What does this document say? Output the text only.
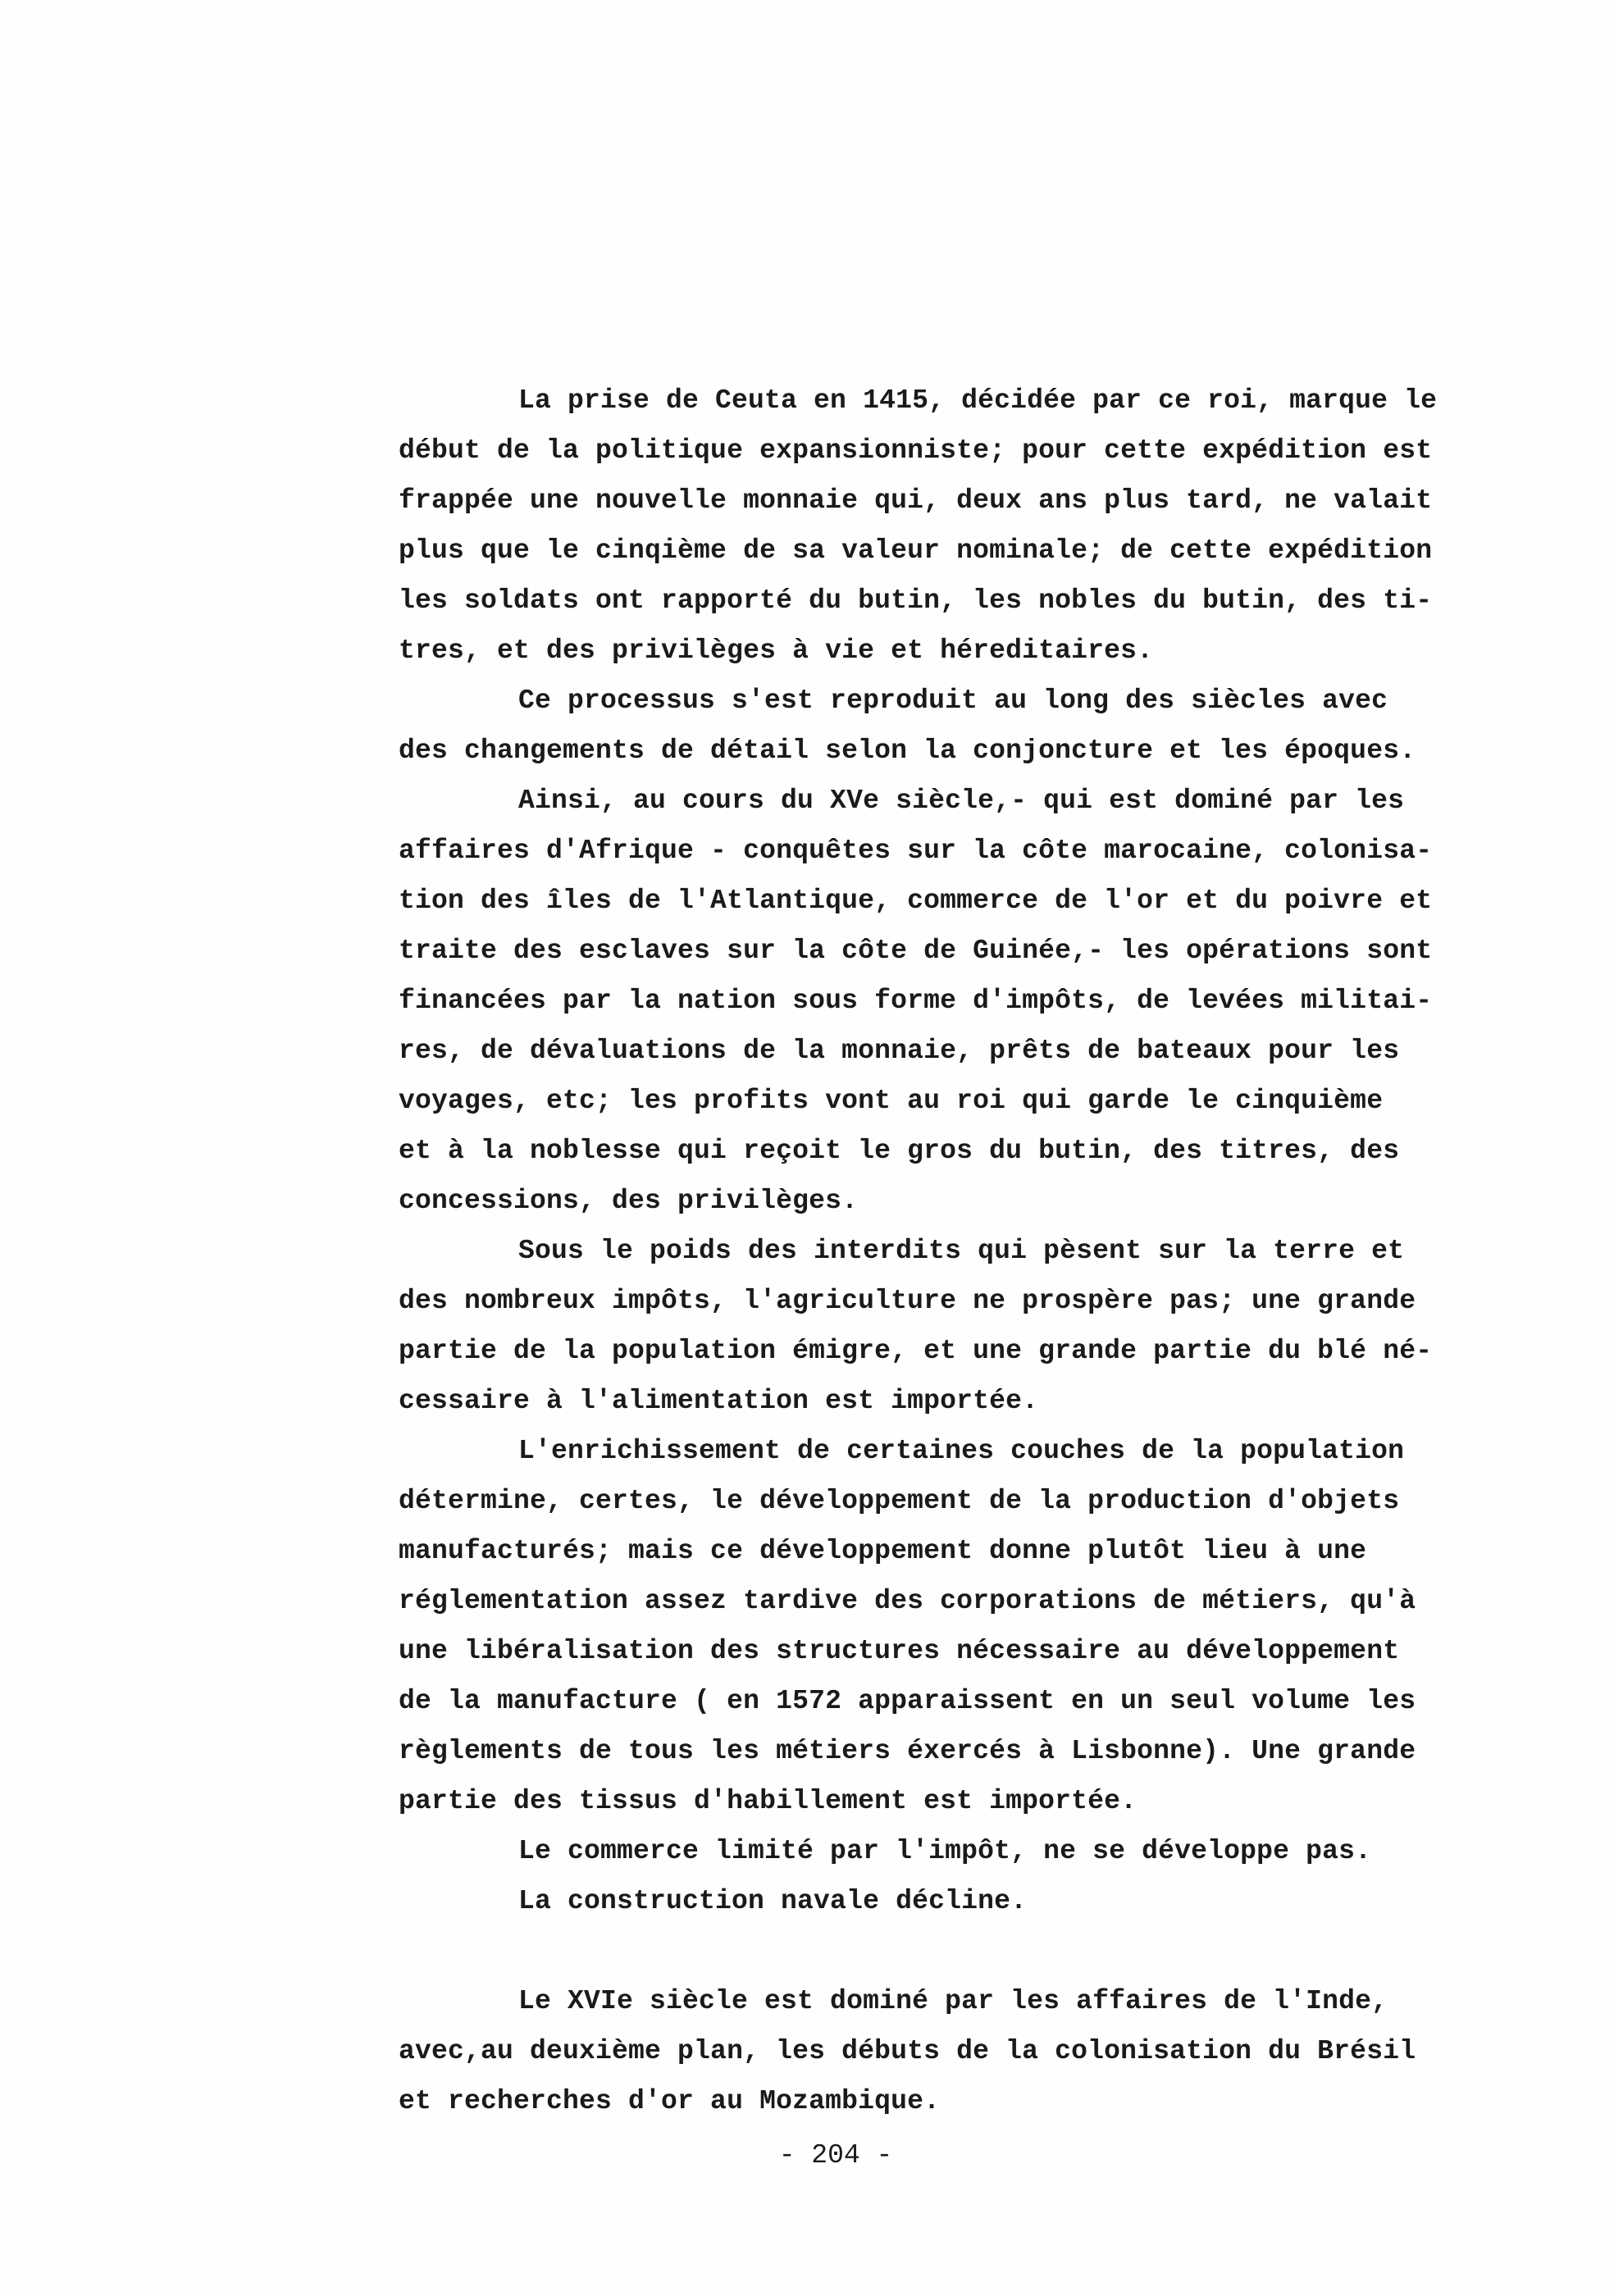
La prise de Ceuta en 1415, décidée par ce roi, marque le
début de la politique expansionniste; pour cette expédition est
frappée une nouvelle monnaie qui, deux ans plus tard, ne valait
plus que le cinqième de sa valeur nominale; de cette expédition
les soldats ont rapporté du butin, les nobles du butin, des ti-
tres, et des privilèges à vie et héreditaires.

Ce processus s'est reproduit au long des siècles avec
des changements de détail selon la conjoncture et les époques.

Ainsi, au cours du XVe siècle,- qui est dominé par les
affaires d'Afrique - conquêtes sur la côte marocaine, colonisa-
tion des îles de l'Atlantique, commerce de l'or et du poivre et
traite des esclaves sur la côte de Guinée,- les opérations sont
financées par la nation sous forme d'impôts, de levées militai-
res, de dévaluations de la monnaie, prêts de bateaux pour les
voyages, etc; les profits vont au roi qui garde le cinquième
et à la noblesse qui reçoit le gros du butin, des titres, des
concessions, des privilèges.

Sous le poids des interdits qui pèsent sur la terre et
des nombreux impôts, l'agriculture ne prospère pas; une grande
partie de la population émigre, et une grande partie du blé né-
cessaire à l'alimentation est importée.

L'enrichissement de certaines couches de la population
détermine, certes, le développement de la production d'objets
manufacturés; mais ce développement donne plutôt lieu à une
réglementation assez tardive des corporations de métiers, qu'à
une libéralisation des structures nécessaire au développement
de la manufacture ( en 1572 apparaissent en un seul volume les
règlements de tous les métiers éxercés à Lisbonne). Une grande
partie des tissus d'habillement est importée.

Le commerce limité par l'impôt, ne se développe pas.

La construction navale décline.

Le XVIe siècle est dominé par les affaires de l'Inde,
avec,au deuxième plan, les débuts de la colonisation du Brésil
et recherches d'or au Mozambique.

- 204 -
